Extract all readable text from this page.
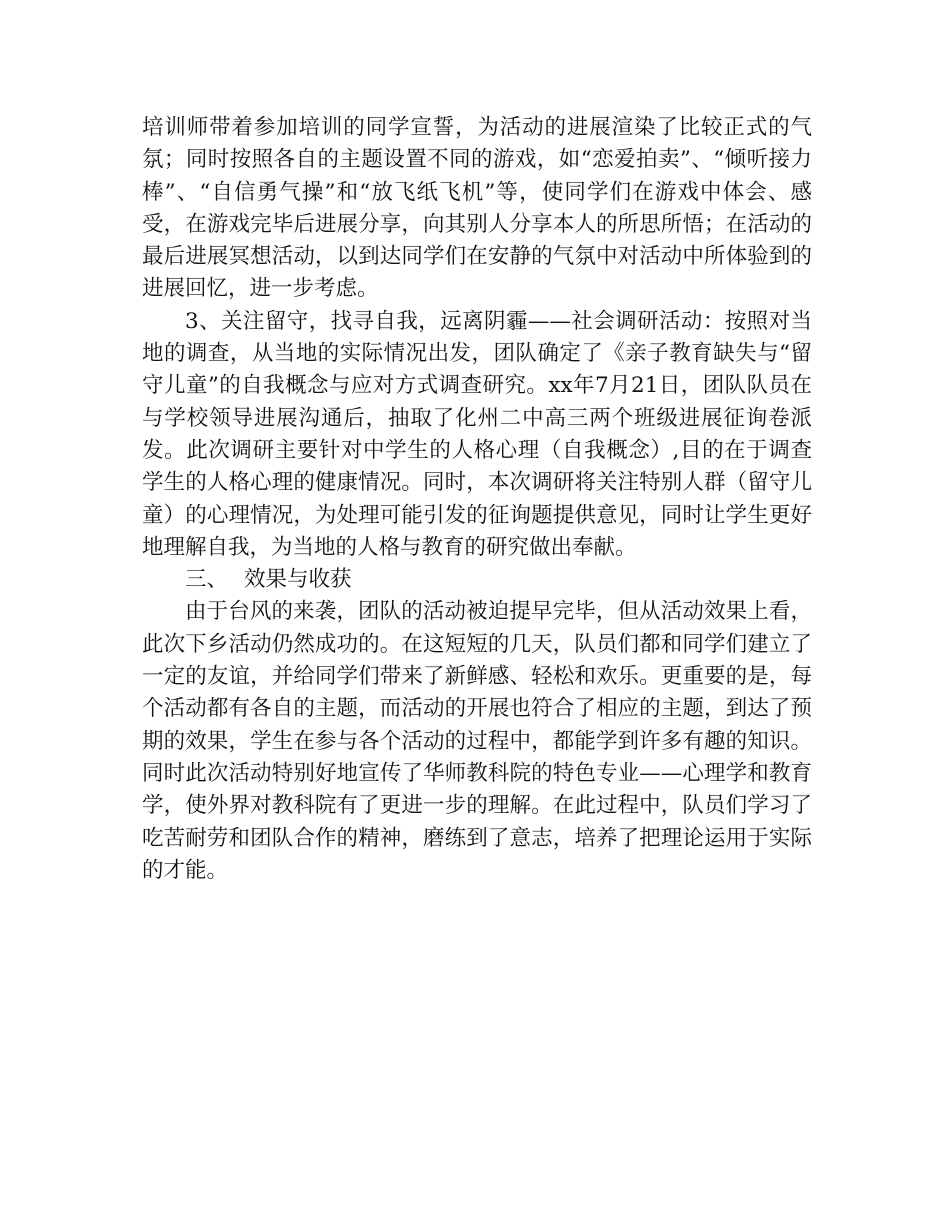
培训师带着参加培训的同学宣誓，为活动的进展渲染了比较正式的气氛；同时按照各自的主题设置不同的游戏，如“恋爱拍卖”、“倾听接力棒”、“自信勇气操”和“放飞纸飞机”等，使同学们在游戏中体会、感受，在游戏完毕后进展分享，向其别人分享本人的所思所悟；在活动的最后进展冥想活动，以到达同学们在安静的气氛中对活动中所体验到的进展回忆，进一步考虑。

3、关注留守，找寻自我，远离阴霾——社会调研活动：按照对当地的调查，从当地的实际情况出发，团队确定了《亲子教育缺失与“留守儿童”的自我概念与应对方式调查研究。xx年7月21日，团队队员在与学校领导进展沟通后，抽取了化州二中高三两个班级进展征询卷派发。此次调研主要针对中学生的人格心理（自我概念）,目的在于调查学生的人格心理的健康情况。同时，本次调研将关注特别人群（留守儿童）的心理情况，为处理可能引发的征询题提供意见，同时让学生更好地理解自我，为当地的人格与教育的研究做出奉献。

三、 效果与收获

由于台风的来袭，团队的活动被迫提早完毕，但从活动效果上看，此次下乡活动仍然成功的。在这短短的几天，队员们都和同学们建立了一定的友谊，并给同学们带来了新鲜感、轻松和欢乐。更重要的是，每个活动都有各自的主题，而活动的开展也符合了相应的主题，到达了预期的效果，学生在参与各个活动的过程中，都能学到许多有趣的知识。同时此次活动特别好地宣传了华师教科院的特色专业——心理学和教育学，使外界对教科院有了更进一步的理解。在此过程中，队员们学习了吃苦耐劳和团队合作的精神，磨练到了意志，培养了把理论运用于实际的才能。
